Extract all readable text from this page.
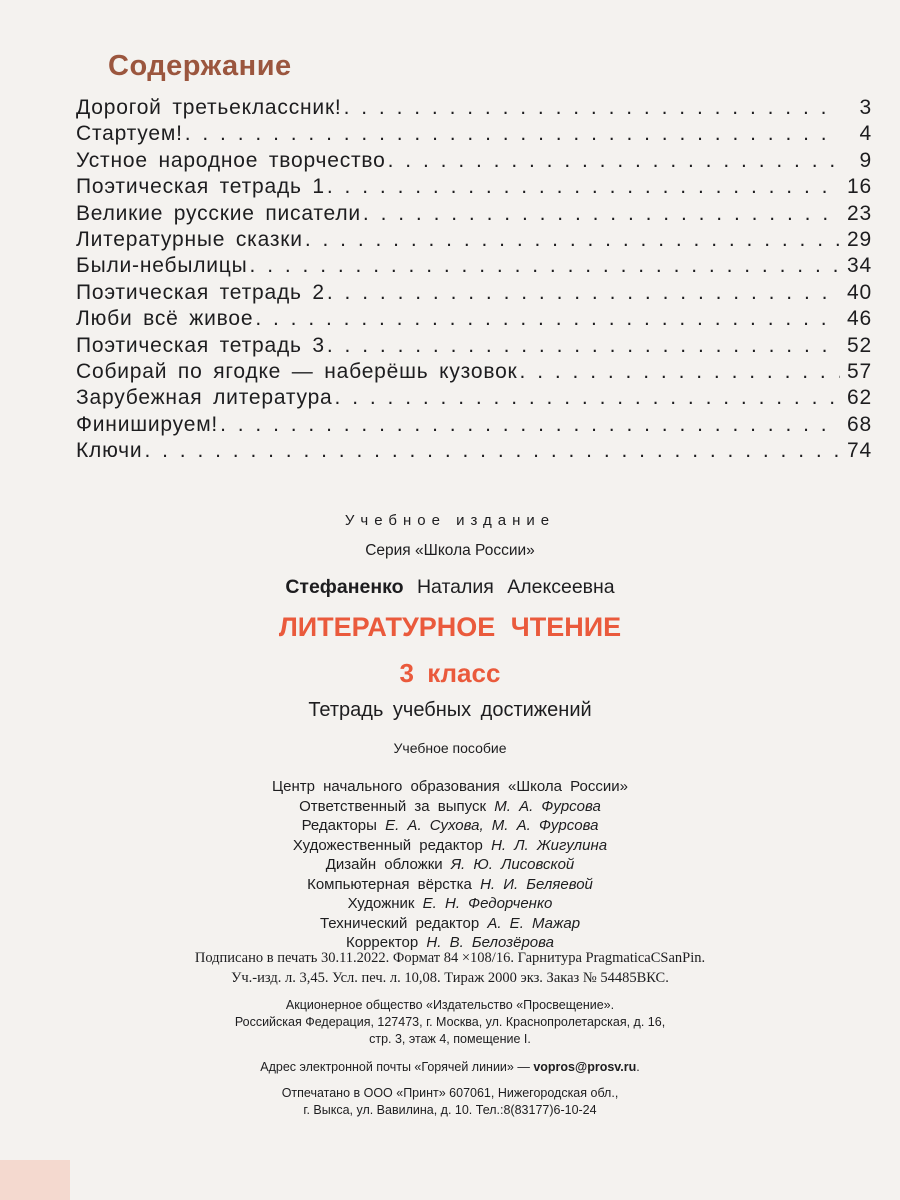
Содержание
Дорогой третьеклассник! . . .	3
Стартуем! . . .	4
Устное народное творчество . . .	9
Поэтическая тетрадь 1 . . .	16
Великие русские писатели . . .	23
Литературные сказки . . .	29
Были-небылицы . . .	34
Поэтическая тетрадь 2 . . .	40
Люби всё живое . . .	46
Поэтическая тетрадь 3 . . .	52
Собирай по ягодке — наберёшь кузовок . . .	57
Зарубежная литература . . .	62
Финишируем! . . .	68
Ключи . . .	74
Учебное издание
Серия «Школа России»
Стефаненко Наталия Алексеевна
ЛИТЕРАТУРНОЕ ЧТЕНИЕ
3 класс
Тетрадь учебных достижений
Учебное пособие
Центр начального образования «Школа России»
Ответственный за выпуск М. А. Фурсова
Редакторы Е. А. Сухова, М. А. Фурсова
Художественный редактор Н. Л. Жигулина
Дизайн обложки Я. Ю. Лисовской
Компьютерная вёрстка Н. И. Беляевой
Художник Е. Н. Федорченко
Технический редактор А. Е. Мажар
Корректор Н. В. Белозёрова
Подписано в печать 30.11.2022. Формат 84 ×108/16. Гарнитура PragmaticaCSanPin.
Уч.-изд. л. 3,45. Усл. печ. л. 10,08. Тираж 2000 экз. Заказ № 54485ВКС.
Акционерное общество «Издательство «Просвещение».
Российская Федерация, 127473, г. Москва, ул. Краснопролетарская, д. 16,
стр. 3, этаж 4, помещение I.
Адрес электронной почты «Горячей линии» — vopros@prosv.ru.
Отпечатано в ООО «Принт» 607061, Нижегородская обл.,
г. Выкса, ул. Вавилина, д. 10. Тел.:8(83177)6-10-24
